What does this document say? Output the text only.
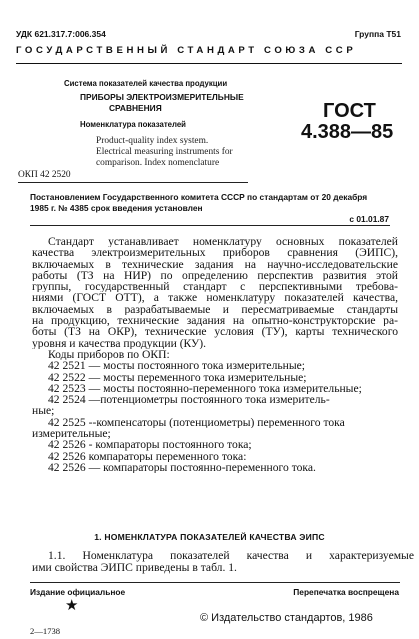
УДК 621.317.7:006.354	Группа Т51
ГОСУДАРСТВЕННЫЙ СТАНДАРТ СОЮЗА ССР
Система показателей качества продукции
ПРИБОРЫ ЭЛЕКТРОИЗМЕРИТЕЛЬНЫЕ
СРАВНЕНИЯ
Номенклатура показателей
Product-quality index system.
Electrical measuring instruments for
comparison. Index nomenclature
ОКП 42 2520
ГОСТ
4.388—85
Постановлением Государственного комитета СССР по стандартам от 20 декабря
1985 г. № 4385 срок введения установлен
с 01.01.87
Стандарт устанавливает номенклатуру основных показателей
качества электроизмерительных приборов сравнения (ЭИПС),
включаемых в технические задания на научно-исследовательские
работы (ТЗ на НИР) по определению перспектив развития этой
группы, государственный стандарт с перспективными требова-
ниями (ГОСТ ОТТ), а также номенклатуру показателей качества,
включаемых в разрабатываемые и пересматриваемые стандарты
на продукцию, технические задания на опытно-конструкторские ра-
боты (ТЗ на ОКР), технические условия (ТУ), карты технического
уровня и качества продукции (КУ).
Коды приборов по ОКП:
42 2521 — мосты постоянного тока измерительные;
42 2522 — мосты переменного тока измерительные;
42 2523 — мосты постоянно-переменного тока измерительные;
42 2524 —потенциометры постоянного тока измеритель-
ные;
42 2525 --компенсаторы (потенциометры) переменного тока
измерительные;
42 2526 - компараторы постоянного тока;
42 2526 компараторы переменного тока:
42 2526 — компараторы постоянно-переменного тока.
1. НОМЕНКЛАТУРА ПОКАЗАТЕЛЕЙ КАЧЕСТВА ЭИПС
1.1. Номенклатура показателей качества и характеризуемые
ими свойства ЭИПС приведены в табл. 1.
Издание официальное	Перепечатка воспрещена
★
© Издательство стандартов, 1986
2—1738
